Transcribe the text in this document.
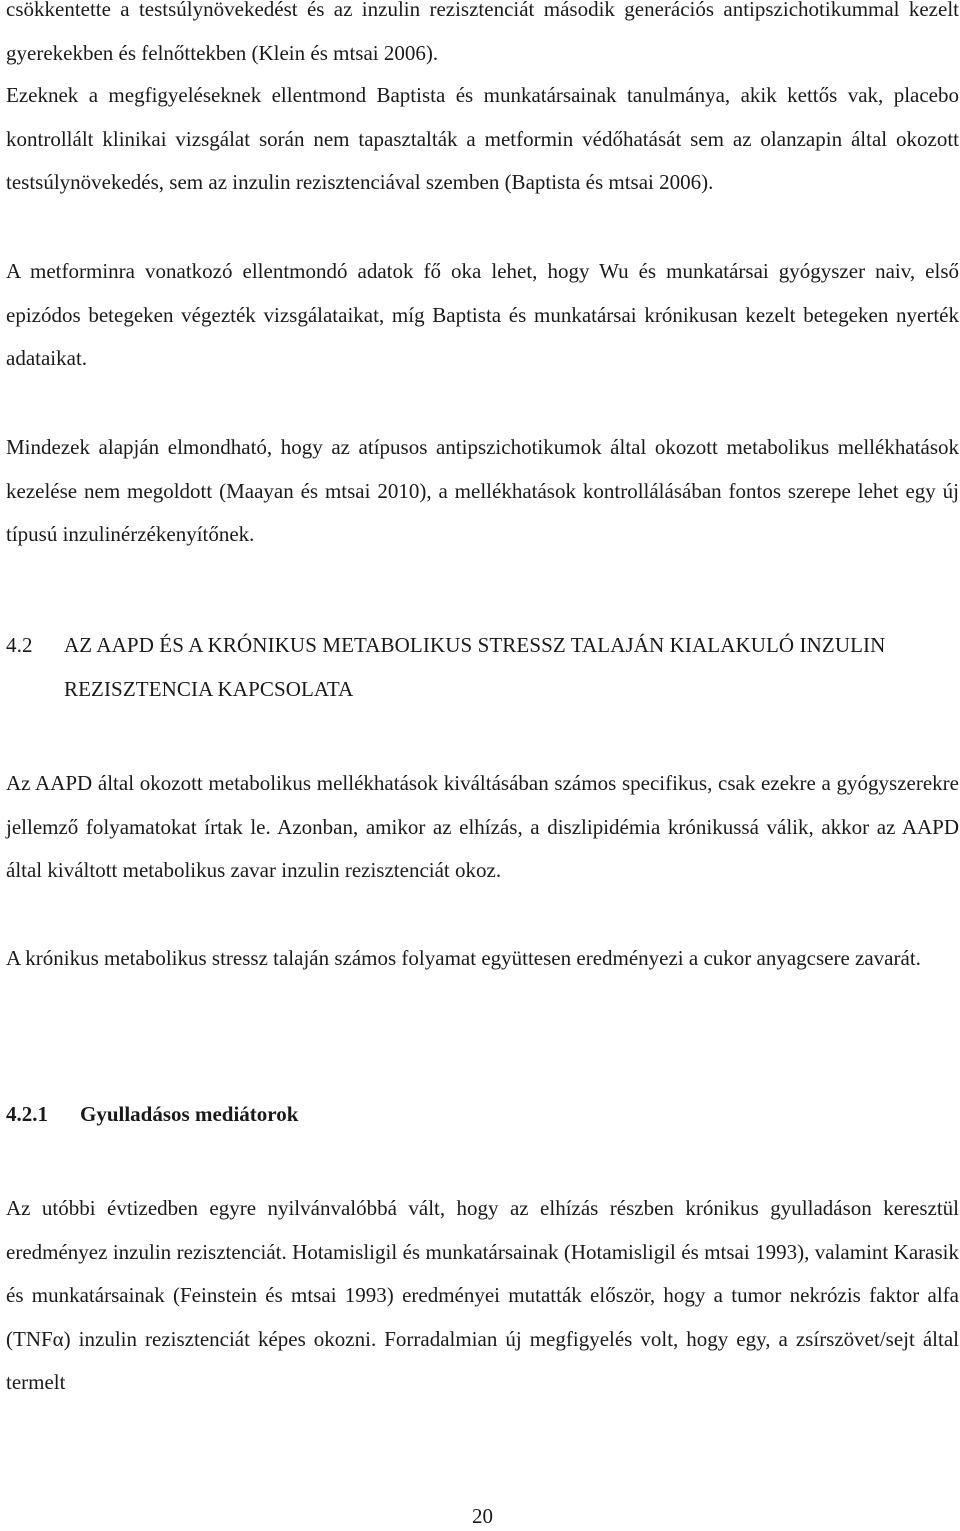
csökkentette a testsúlynövekedést és az inzulin rezisztenciát második generációs antipszichotikummal kezelt gyerekekben és felnőttekben (Klein és mtsai 2006).

Ezeknek a megfigyeléseknek ellentmond Baptista és munkatársainak tanulmánya, akik kettős vak, placebo kontrollált klinikai vizsgálat során nem tapasztalták a metformin védőhatását sem az olanzapin által okozott testsúlynövekedés, sem az inzulin rezisztenciával szemben (Baptista és mtsai 2006).

A metforminra vonatkozó ellentmondó adatok fő oka lehet, hogy Wu és munkatársai gyógyszer naiv, első epizódos betegeken végezték vizsgálataikat, míg Baptista és munkatársai krónikusan kezelt betegeken nyerték adataikat.

Mindezek alapján elmondható, hogy az atípusos antipszichotikumok által okozott metabolikus mellékhatások kezelése nem megoldott (Maayan és mtsai 2010), a mellékhatások kontrollálásában fontos szerepe lehet egy új típusú inzulinérzékenyítőnek.

4.2 AZ AAPD ÉS A KRÓNIKUS METABOLIKUS STRESSZ TALAJÁN KIALAKULÓ INZULIN REZISZTENCIA KAPCSOLATA

Az AAPD által okozott metabolikus mellékhatások kiváltásában számos specifikus, csak ezekre a gyógyszerekre jellemző folyamatokat írtak le. Azonban, amikor az elhízás, a diszlipidémia krónikussá válik, akkor az AAPD által kiváltott metabolikus zavar inzulin rezisztenciát okoz.

A krónikus metabolikus stressz talaján számos folyamat együttesen eredményezi a cukor anyagcsere zavarát.

4.2.1 Gyulladásos mediátorok

Az utóbbi évtizedben egyre nyilvánvalóbbá vált, hogy az elhízás részben krónikus gyulladáson keresztül eredményez inzulin rezisztenciát. Hotamisligil és munkatársainak (Hotamisligil és mtsai 1993), valamint Karasik és munkatársainak (Feinstein és mtsai 1993) eredményei mutatták először, hogy a tumor nekrózis faktor alfa (TNFα) inzulin rezisztenciát képes okozni. Forradalmian új megfigyelés volt, hogy egy, a zsírszövet/sejt által termelt

20
